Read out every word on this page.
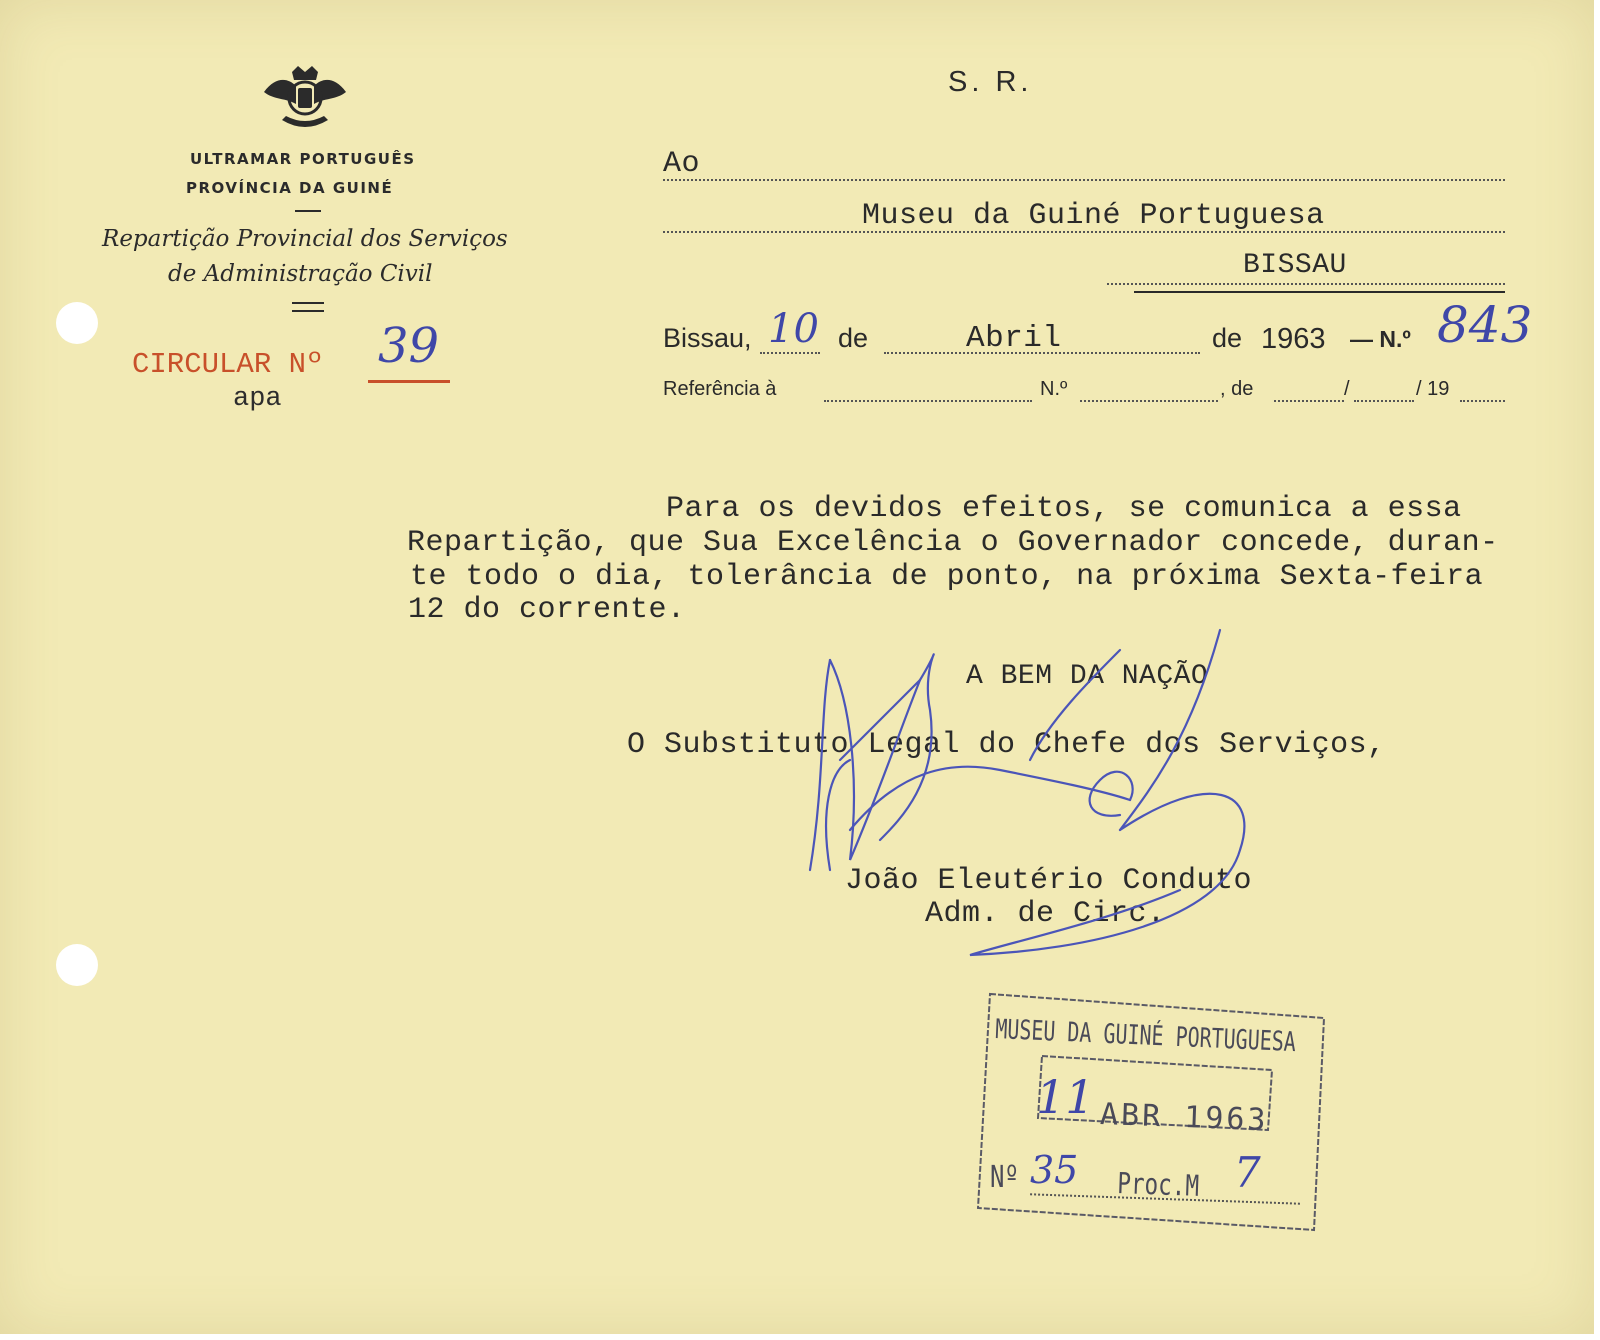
ULTRAMAR PORTUGUÊS
PROVÍNCIA DA GUINÉ
Repartição Provincial dos Serviços
de Administração Civil
CIRCULAR Nº 39
apa
S. R.
Ao
Museu da Guiné Portuguesa
BISSAU
Bissau, 10 de	Abril	de 1963 — N.º 843
Referência à	N.º	, de	/	/ 19
Para os devidos efeitos, se comunica a essa
Repartição, que Sua Excelência o Governador concede, duran-
te todo o dia, tolerância de ponto, na próxima Sexta-feira
12 do corrente.
A BEM DA NAÇÃO
O Substituto Legal do Chefe dos Serviços,
João Eleutério Conduto
Adm. de Circ.
MUSEU DA GUINÉ PORTUGUESA
11 ABR 1963
Nº 35 Proc.M 7
